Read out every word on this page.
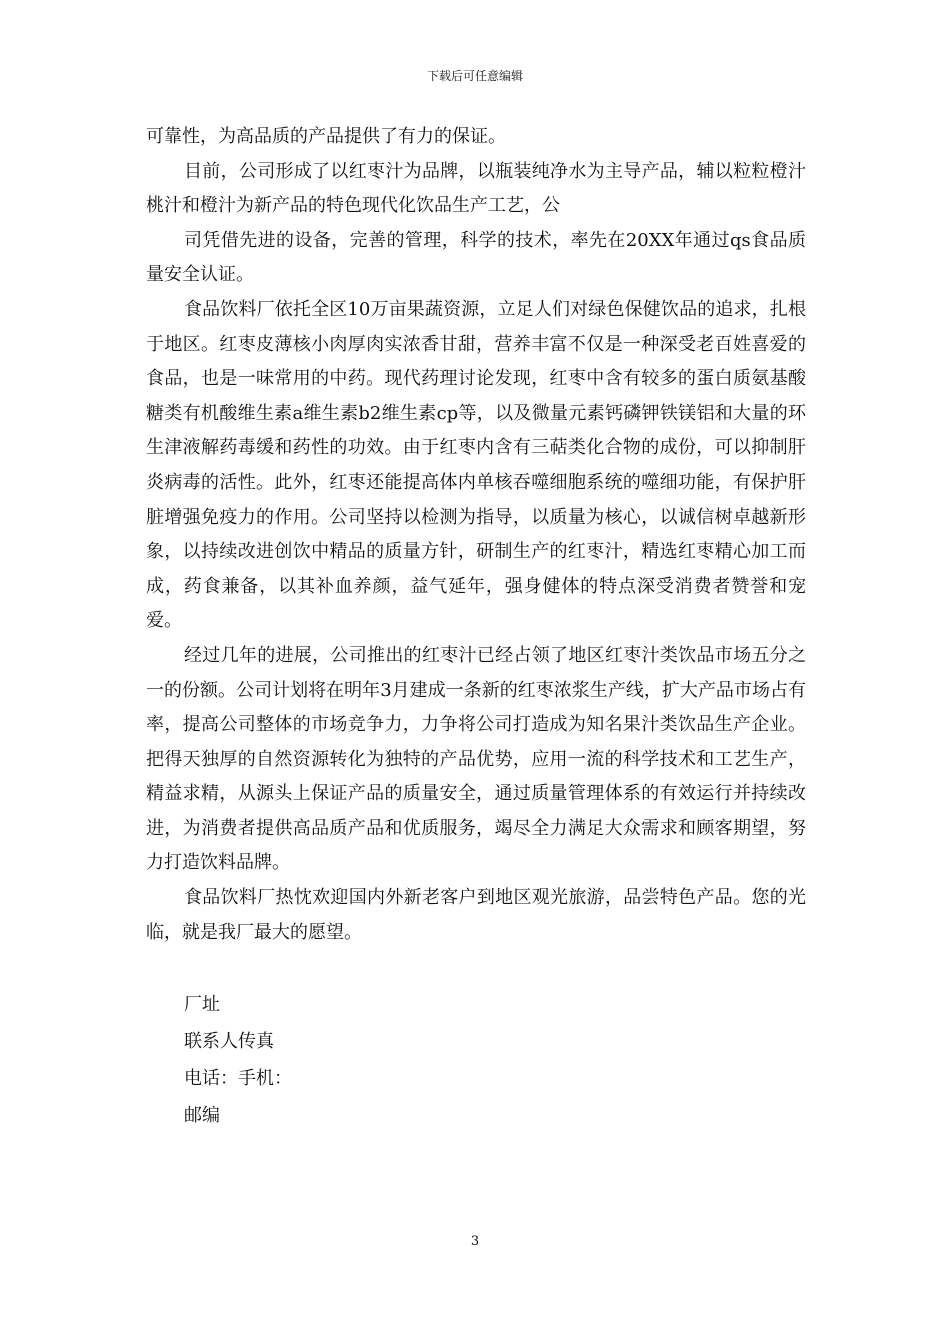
下载后可任意编辑

可靠性，为高品质的产品提供了有力的保证。

目前，公司形成了以红枣汁为品牌，以瓶装纯净水为主导产品，辅以粒粒橙汁桃汁和橙汁为新产品的特色现代化饮品生产工艺，公

司凭借先进的设备，完善的管理，科学的技术，率先在20XX年通过qs食品质量安全认证。

食品饮料厂依托全区10万亩果蔬资源，立足人们对绿色保健饮品的追求，扎根于地区。红枣皮薄核小肉厚肉实浓香甘甜，营养丰富不仅是一种深受老百姓喜爱的食品，也是一味常用的中药。现代药理讨论发现，红枣中含有较多的蛋白质氨基酸糖类有机酸维生素a维生素b2维生素cp等，以及微量元素钙磷钾铁镁铝和大量的环生津液解药毒缓和药性的功效。由于红枣内含有三萜类化合物的成份，可以抑制肝炎病毒的活性。此外，红枣还能提高体内单核吞噬细胞系统的噬细功能，有保护肝脏增强免疫力的作用。公司坚持以检测为指导，以质量为核心，以诚信树卓越新形象，以持续改进创饮中精品的质量方针，研制生产的红枣汁，精选红枣精心加工而成，药食兼备，以其补血养颜，益气延年，强身健体的特点深受消费者赞誉和宠爱。

经过几年的进展，公司推出的红枣汁已经占领了地区红枣汁类饮品市场五分之一的份额。公司计划将在明年3月建成一条新的红枣浓浆生产线，扩大产品市场占有率，提高公司整体的市场竞争力，力争将公司打造成为知名果汁类饮品生产企业。把得天独厚的自然资源转化为独特的产品优势，应用一流的科学技术和工艺生产，精益求精，从源头上保证产品的质量安全，通过质量管理体系的有效运行并持续改进，为消费者提供高品质产品和优质服务，竭尽全力满足大众需求和顾客期望，努力打造饮料品牌。

食品饮料厂热忱欢迎国内外新老客户到地区观光旅游，品尝特色产品。您的光临，就是我厂最大的愿望。

厂址
联系人传真
电话：手机：
邮编
3
